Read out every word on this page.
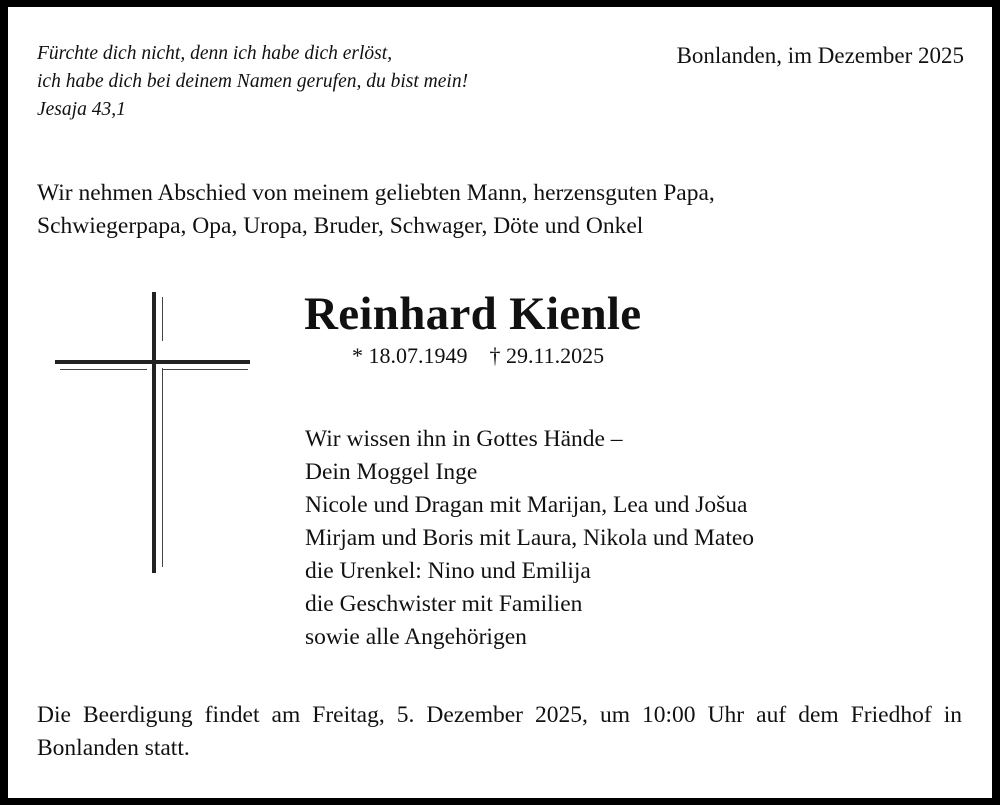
Fürchte dich nicht, denn ich habe dich erlöst,
ich habe dich bei deinem Namen gerufen, du bist mein!
Jesaja 43,1
Bonlanden, im Dezember 2025
Wir nehmen Abschied von meinem geliebten Mann, herzensguten Papa,
Schwiegerpapa, Opa, Uropa, Bruder, Schwager, Döte und Onkel
Reinhard Kienle
* 18.07.1949 † 29.11.2025
Wir wissen ihn in Gottes Hände –
Dein Moggel Inge
Nicole und Dragan mit Marijan, Lea und Jošua
Mirjam und Boris mit Laura, Nikola und Mateo
die Urenkel: Nino und Emilija
die Geschwister mit Familien
sowie alle Angehörigen
Die Beerdigung findet am Freitag, 5. Dezember 2025, um 10:00 Uhr auf dem Friedhof in Bonlanden statt.
